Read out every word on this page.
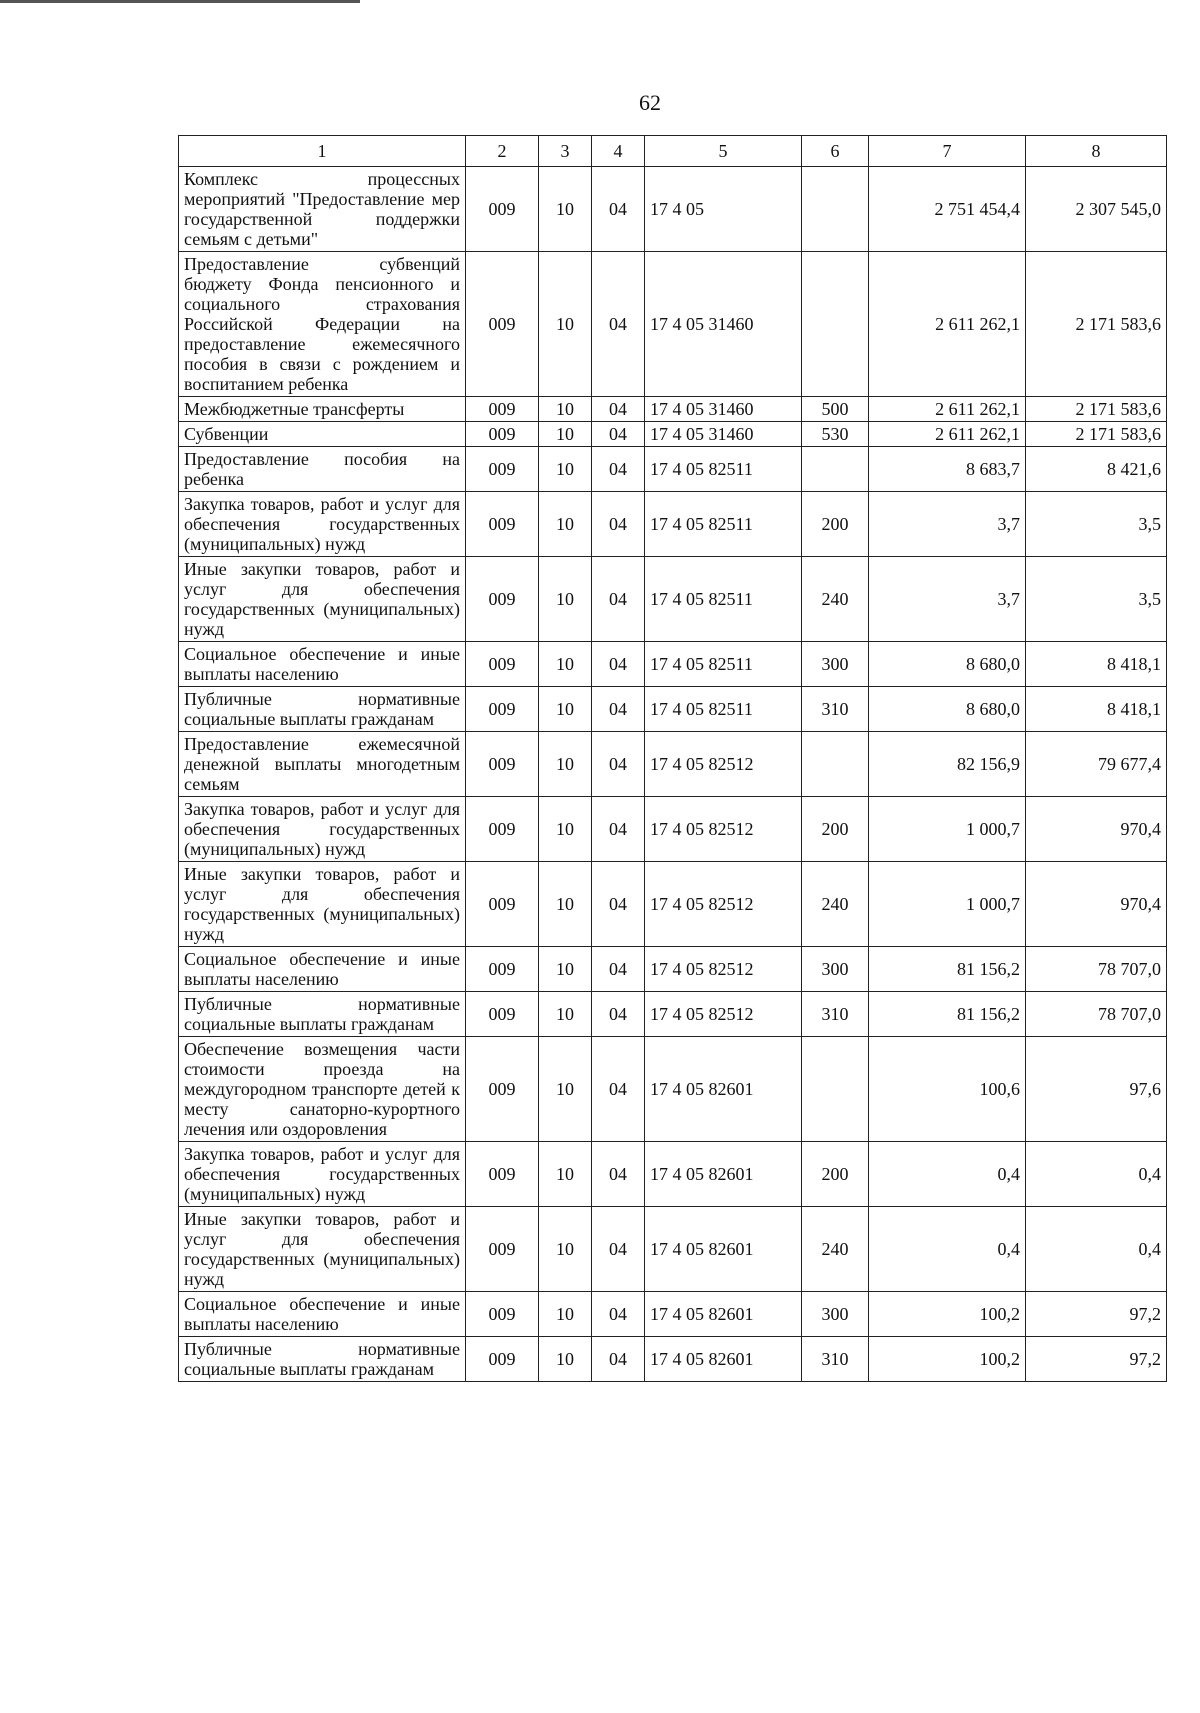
62
1	2	3	4	5	6	7	8
Комплекс процессных мероприятий "Предоставление мер государственной поддержки семьям с детьми"	009	10	04	17 4 05		2 751 454,4	2 307 545,0
Предоставление субвенций бюджету Фонда пенсионного и социального страхования Российской Федерации на предоставление ежемесячного пособия в связи с рождением и воспитанием ребенка	009	10	04	17 4 05 31460		2 611 262,1	2 171 583,6
Межбюджетные трансферты	009	10	04	17 4 05 31460	500	2 611 262,1	2 171 583,6
Субвенции	009	10	04	17 4 05 31460	530	2 611 262,1	2 171 583,6
Предоставление пособия на ребенка	009	10	04	17 4 05 82511		8 683,7	8 421,6
Закупка товаров, работ и услуг для обеспечения государственных (муниципальных) нужд	009	10	04	17 4 05 82511	200	3,7	3,5
Иные закупки товаров, работ и услуг для обеспечения государственных (муниципальных) нужд	009	10	04	17 4 05 82511	240	3,7	3,5
Социальное обеспечение и иные выплаты населению	009	10	04	17 4 05 82511	300	8 680,0	8 418,1
Публичные нормативные социальные выплаты гражданам	009	10	04	17 4 05 82511	310	8 680,0	8 418,1
Предоставление ежемесячной денежной выплаты многодетным семьям	009	10	04	17 4 05 82512		82 156,9	79 677,4
Закупка товаров, работ и услуг для обеспечения государственных (муниципальных) нужд	009	10	04	17 4 05 82512	200	1 000,7	970,4
Иные закупки товаров, работ и услуг для обеспечения государственных (муниципальных) нужд	009	10	04	17 4 05 82512	240	1 000,7	970,4
Социальное обеспечение и иные выплаты населению	009	10	04	17 4 05 82512	300	81 156,2	78 707,0
Публичные нормативные социальные выплаты гражданам	009	10	04	17 4 05 82512	310	81 156,2	78 707,0
Обеспечение возмещения части стоимости проезда на междугородном транспорте детей к месту санаторно-курортного лечения или оздоровления	009	10	04	17 4 05 82601		100,6	97,6
Закупка товаров, работ и услуг для обеспечения государственных (муниципальных) нужд	009	10	04	17 4 05 82601	200	0,4	0,4
Иные закупки товаров, работ и услуг для обеспечения государственных (муниципальных) нужд	009	10	04	17 4 05 82601	240	0,4	0,4
Социальное обеспечение и иные выплаты населению	009	10	04	17 4 05 82601	300	100,2	97,2
Публичные нормативные социальные выплаты гражданам	009	10	04	17 4 05 82601	310	100,2	97,2
